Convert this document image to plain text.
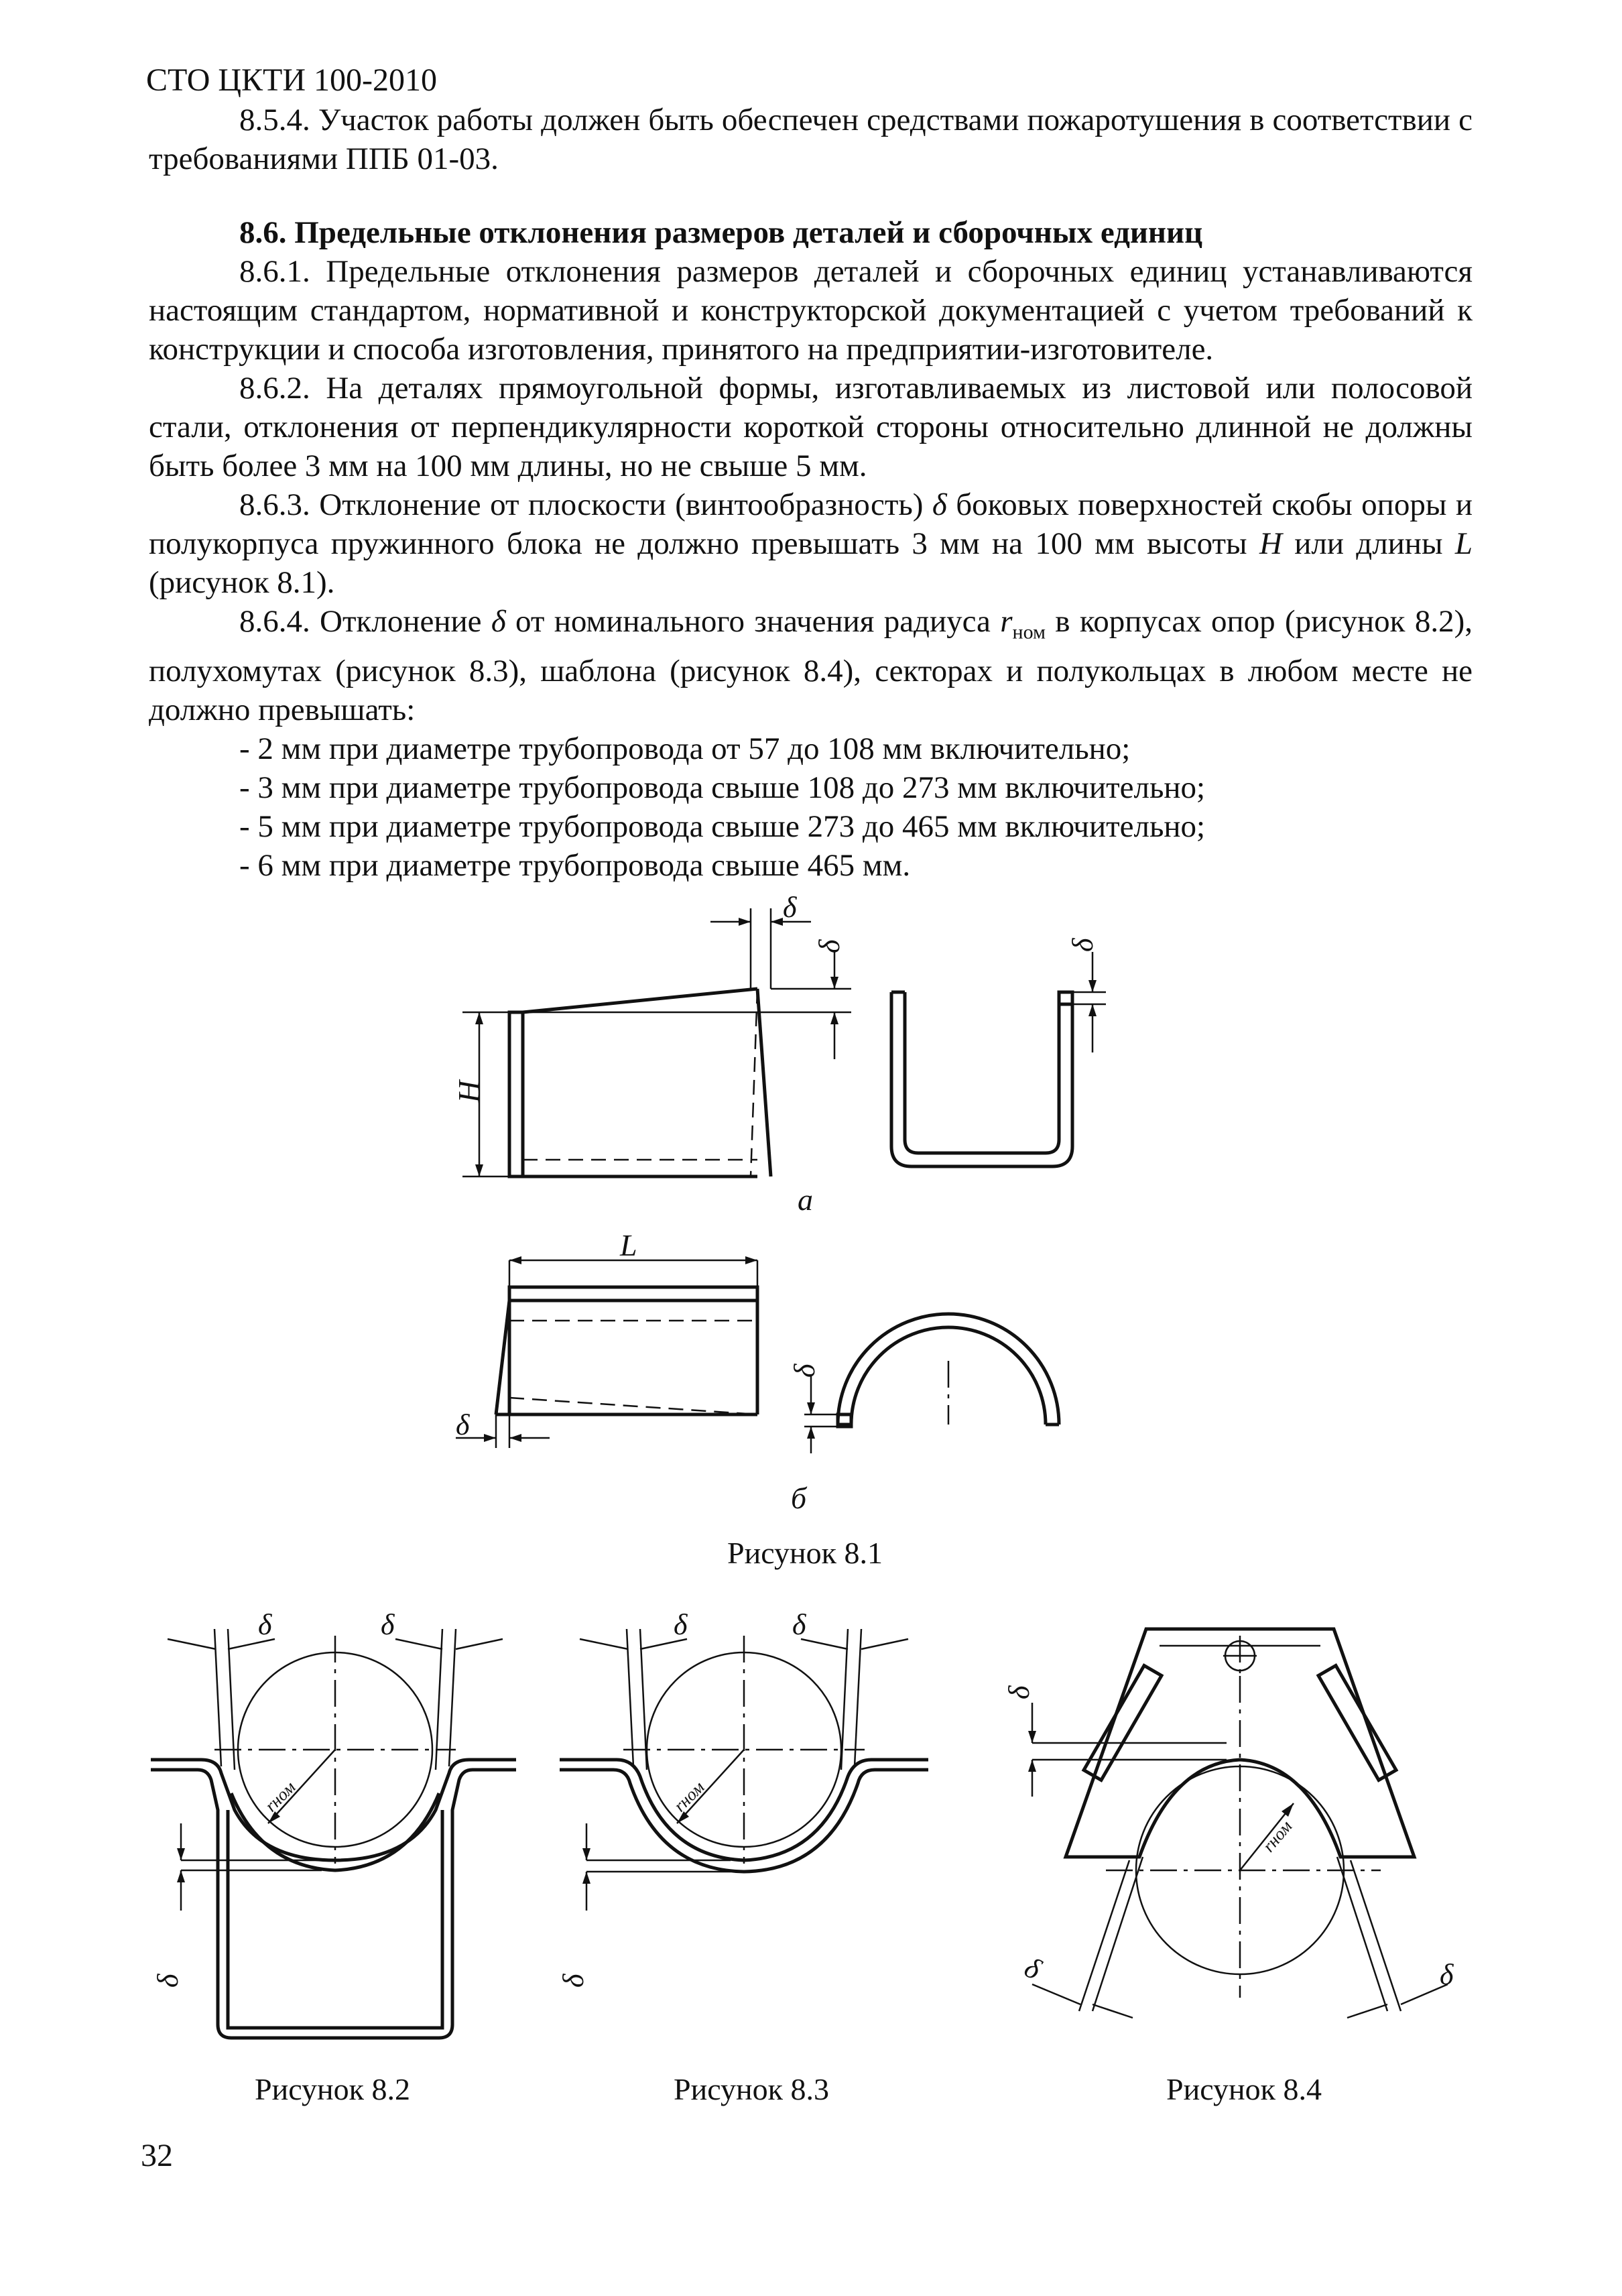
СТО ЦКТИ 100-2010

8.5.4. Участок работы должен быть обеспечен средствами пожаротушения в соответствии с требованиями ППБ 01-03.

8.6. Предельные отклонения размеров деталей и сборочных единиц

8.6.1. Предельные отклонения размеров деталей и сборочных единиц устанавливаются настоящим стандартом, нормативной и конструкторской документацией с учетом требований к конструкции и способа изготовления, принятого на предприятии-изготовителе.

8.6.2. На деталях прямоугольной формы, изготавливаемых из листовой или полосовой стали, отклонения от перпендикулярности короткой стороны относительно длинной не должны быть более 3 мм на 100 мм длины, но не свыше 5 мм.

8.6.3. Отклонение от плоскости (винтообразность) δ боковых поверхностей скобы опоры и полукорпуса пружинного блока не должно превышать 3 мм на 100 мм высоты H или длины L (рисунок 8.1).

8.6.4. Отклонение δ от номинального значения радиуса $r_{ном}$ в корпусах опор (рисунок 8.2), полухомутах (рисунок 8.3), шаблона (рисунок 8.4), секторах и полукольцах в любом месте не должно превышать:

- 2 мм при диаметре трубопровода от 57 до 108 мм включительно;

- 3 мм при диаметре трубопровода свыше 108 до 273 мм включительно;

- 5 мм при диаметре трубопровода свыше 273 до 465 мм включительно;

- 6 мм при диаметре трубопровода свыше 465 мм.

δ
δ
H
δ
а
L
δ
δ
б
Рисунок 8.1
rном
δ	δ
δ
Рисунок 8.2
rном
δ	δ
δ
Рисунок 8.3
rном
δ
δ	δ
Рисунок 8.4
32
